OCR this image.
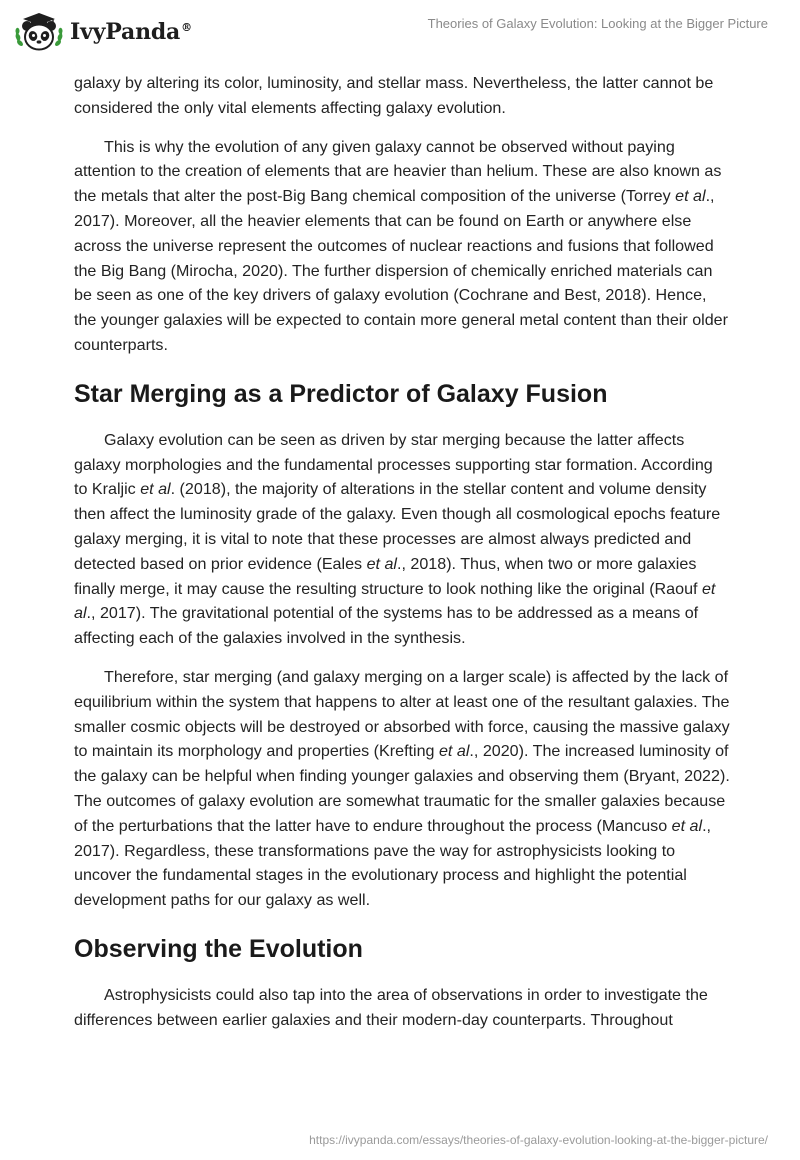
IvyPanda®	Theories of Galaxy Evolution: Looking at the Bigger Picture

galaxy by altering its color, luminosity, and stellar mass. Nevertheless, the latter cannot be considered the only vital elements affecting galaxy evolution.

This is why the evolution of any given galaxy cannot be observed without paying attention to the creation of elements that are heavier than helium. These are also known as the metals that alter the post-Big Bang chemical composition of the universe (Torrey et al., 2017). Moreover, all the heavier elements that can be found on Earth or anywhere else across the universe represent the outcomes of nuclear reactions and fusions that followed the Big Bang (Mirocha, 2020). The further dispersion of chemically enriched materials can be seen as one of the key drivers of galaxy evolution (Cochrane and Best, 2018). Hence, the younger galaxies will be expected to contain more general metal content than their older counterparts.

Star Merging as a Predictor of Galaxy Fusion

Galaxy evolution can be seen as driven by star merging because the latter affects galaxy morphologies and the fundamental processes supporting star formation. According to Kraljic et al. (2018), the majority of alterations in the stellar content and volume density then affect the luminosity grade of the galaxy. Even though all cosmological epochs feature galaxy merging, it is vital to note that these processes are almost always predicted and detected based on prior evidence (Eales et al., 2018). Thus, when two or more galaxies finally merge, it may cause the resulting structure to look nothing like the original (Raouf et al., 2017). The gravitational potential of the systems has to be addressed as a means of affecting each of the galaxies involved in the synthesis.

Therefore, star merging (and galaxy merging on a larger scale) is affected by the lack of equilibrium within the system that happens to alter at least one of the resultant galaxies. The smaller cosmic objects will be destroyed or absorbed with force, causing the massive galaxy to maintain its morphology and properties (Krefting et al., 2020). The increased luminosity of the galaxy can be helpful when finding younger galaxies and observing them (Bryant, 2022). The outcomes of galaxy evolution are somewhat traumatic for the smaller galaxies because of the perturbations that the latter have to endure throughout the process (Mancuso et al., 2017). Regardless, these transformations pave the way for astrophysicists looking to uncover the fundamental stages in the evolutionary process and highlight the potential development paths for our galaxy as well.

Observing the Evolution

Astrophysicists could also tap into the area of observations in order to investigate the differences between earlier galaxies and their modern-day counterparts. Throughout

https://ivypanda.com/essays/theories-of-galaxy-evolution-looking-at-the-bigger-picture/
